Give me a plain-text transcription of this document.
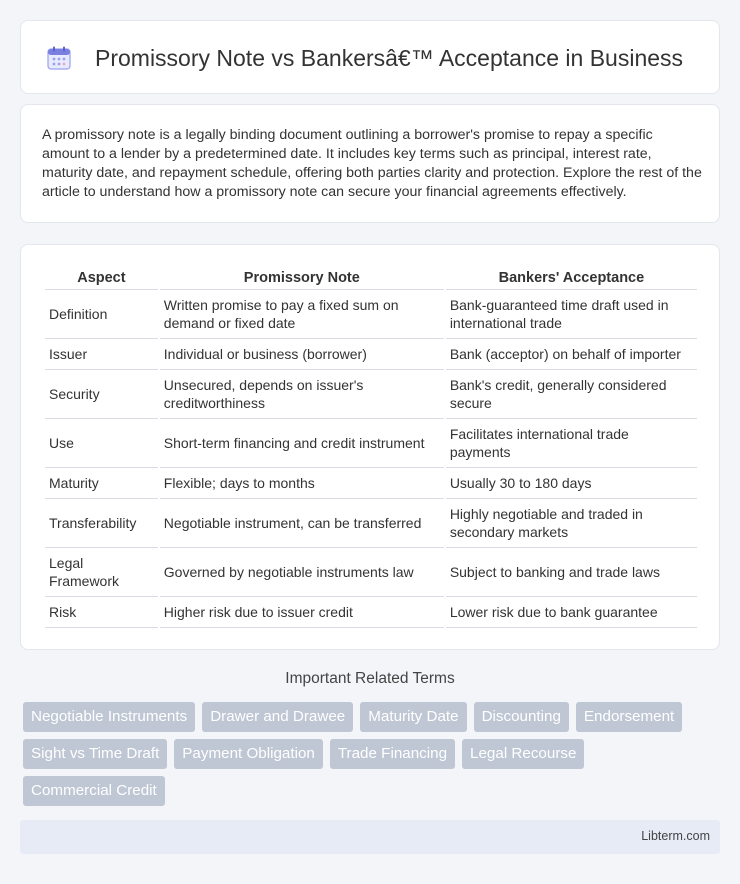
Promissory Note vs Bankersâ€™ Acceptance in Business

A promissory note is a legally binding document outlining a borrower's promise to repay a specific amount to a lender by a predetermined date. It includes key terms such as principal, interest rate, maturity date, and repayment schedule, offering both parties clarity and protection. Explore the rest of the article to understand how a promissory note can secure your financial agreements effectively.

Aspect	Promissory Note	Bankers' Acceptance
Definition	Written promise to pay a fixed sum on demand or fixed date	Bank-guaranteed time draft used in international trade
Issuer	Individual or business (borrower)	Bank (acceptor) on behalf of importer
Security	Unsecured, depends on issuer's creditworthiness	Bank's credit, generally considered secure
Use	Short-term financing and credit instrument	Facilitates international trade payments
Maturity	Flexible; days to months	Usually 30 to 180 days
Transferability	Negotiable instrument, can be transferred	Highly negotiable and traded in secondary markets
Legal Framework	Governed by negotiable instruments law	Subject to banking and trade laws
Risk	Higher risk due to issuer credit	Lower risk due to bank guarantee
Important Related Terms
Negotiable Instruments	Drawer and Drawee	Maturity Date	Discounting	Endorsement
Sight vs Time Draft	Payment Obligation	Trade Financing	Legal Recourse
Commercial Credit
Libterm.com
